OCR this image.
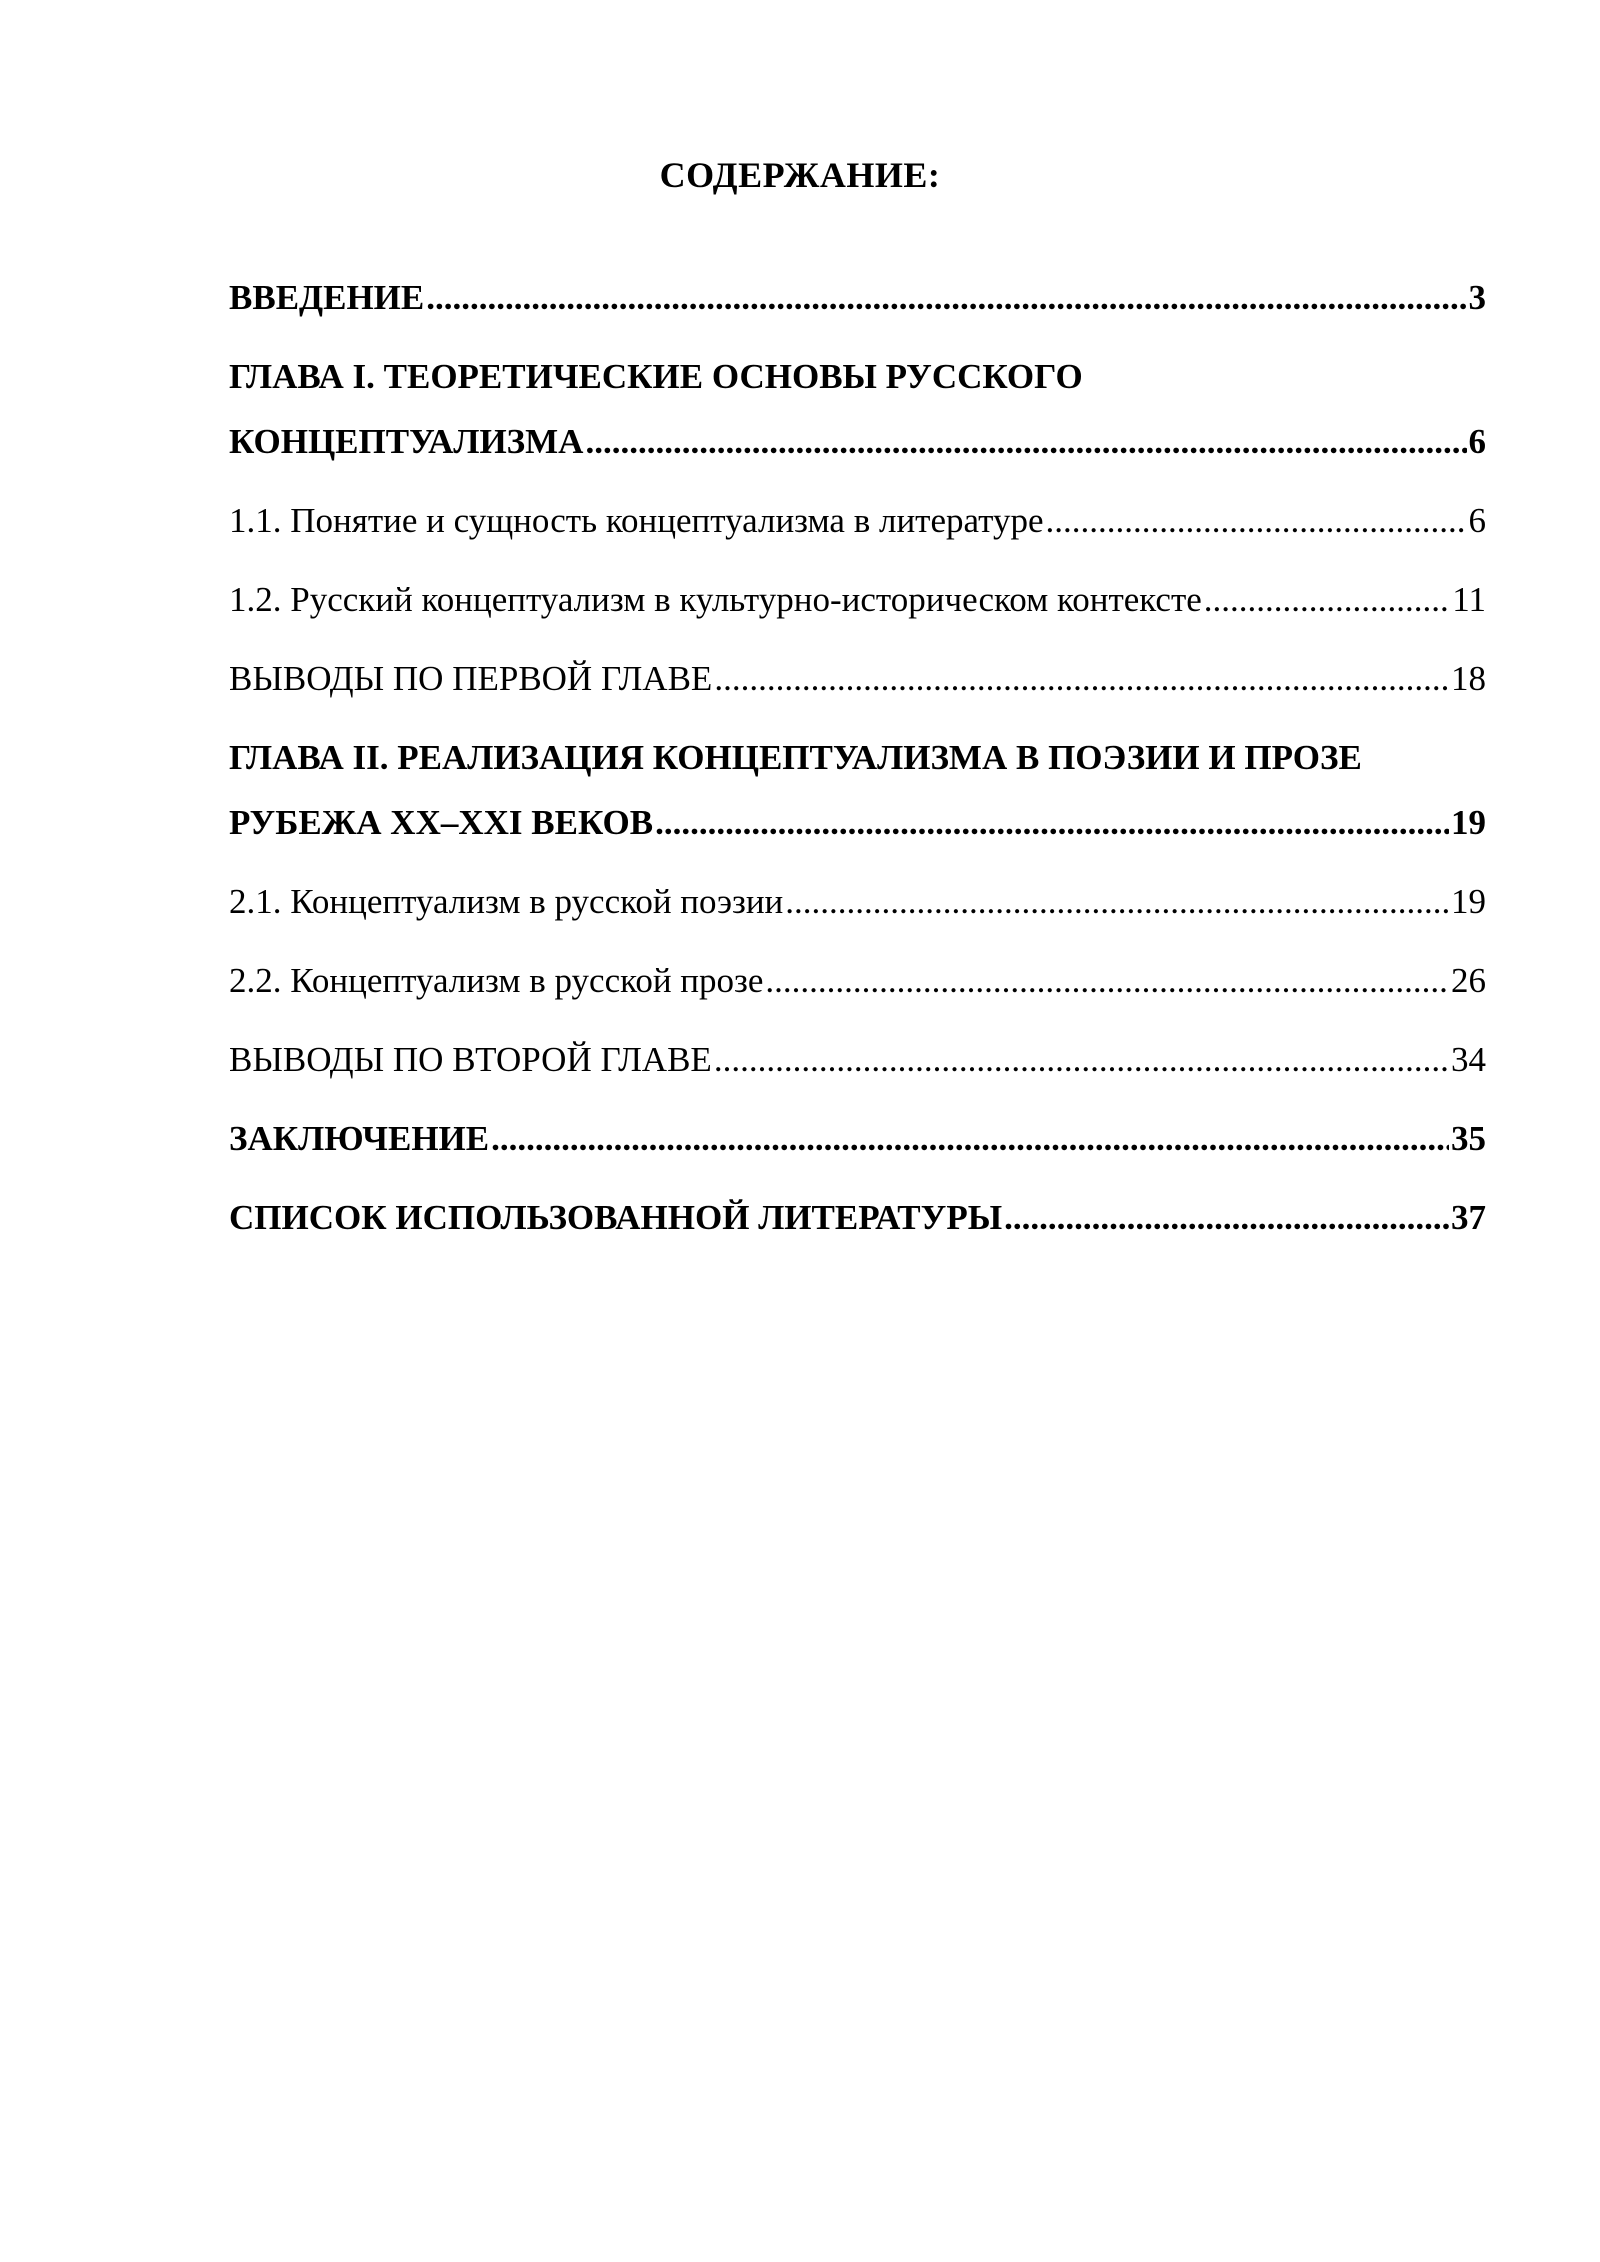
СОДЕРЖАНИЕ:
ВВЕДЕНИЕ .....	3
ГЛАВА I. ТЕОРЕТИЧЕСКИЕ ОСНОВЫ РУССКОГО
КОНЦЕПТУАЛИЗМА .....	6
1.1. Понятие и сущность концептуализма в литературе .....	6
1.2. Русский концептуализм в культурно-историческом контексте .....	11
ВЫВОДЫ ПО ПЕРВОЙ ГЛАВЕ .....	18
ГЛАВА II. РЕАЛИЗАЦИЯ КОНЦЕПТУАЛИЗМА В ПОЭЗИИ И ПРОЗЕ
РУБЕЖА XX–XXI ВЕКОВ .....	19
2.1. Концептуализм в русской поэзии .....	19
2.2. Концептуализм в русской прозе .....	26
ВЫВОДЫ ПО ВТОРОЙ ГЛАВЕ .....	34
ЗАКЛЮЧЕНИЕ .....	35
СПИСОК ИСПОЛЬЗОВАННОЙ ЛИТЕРАТУРЫ .....	37
